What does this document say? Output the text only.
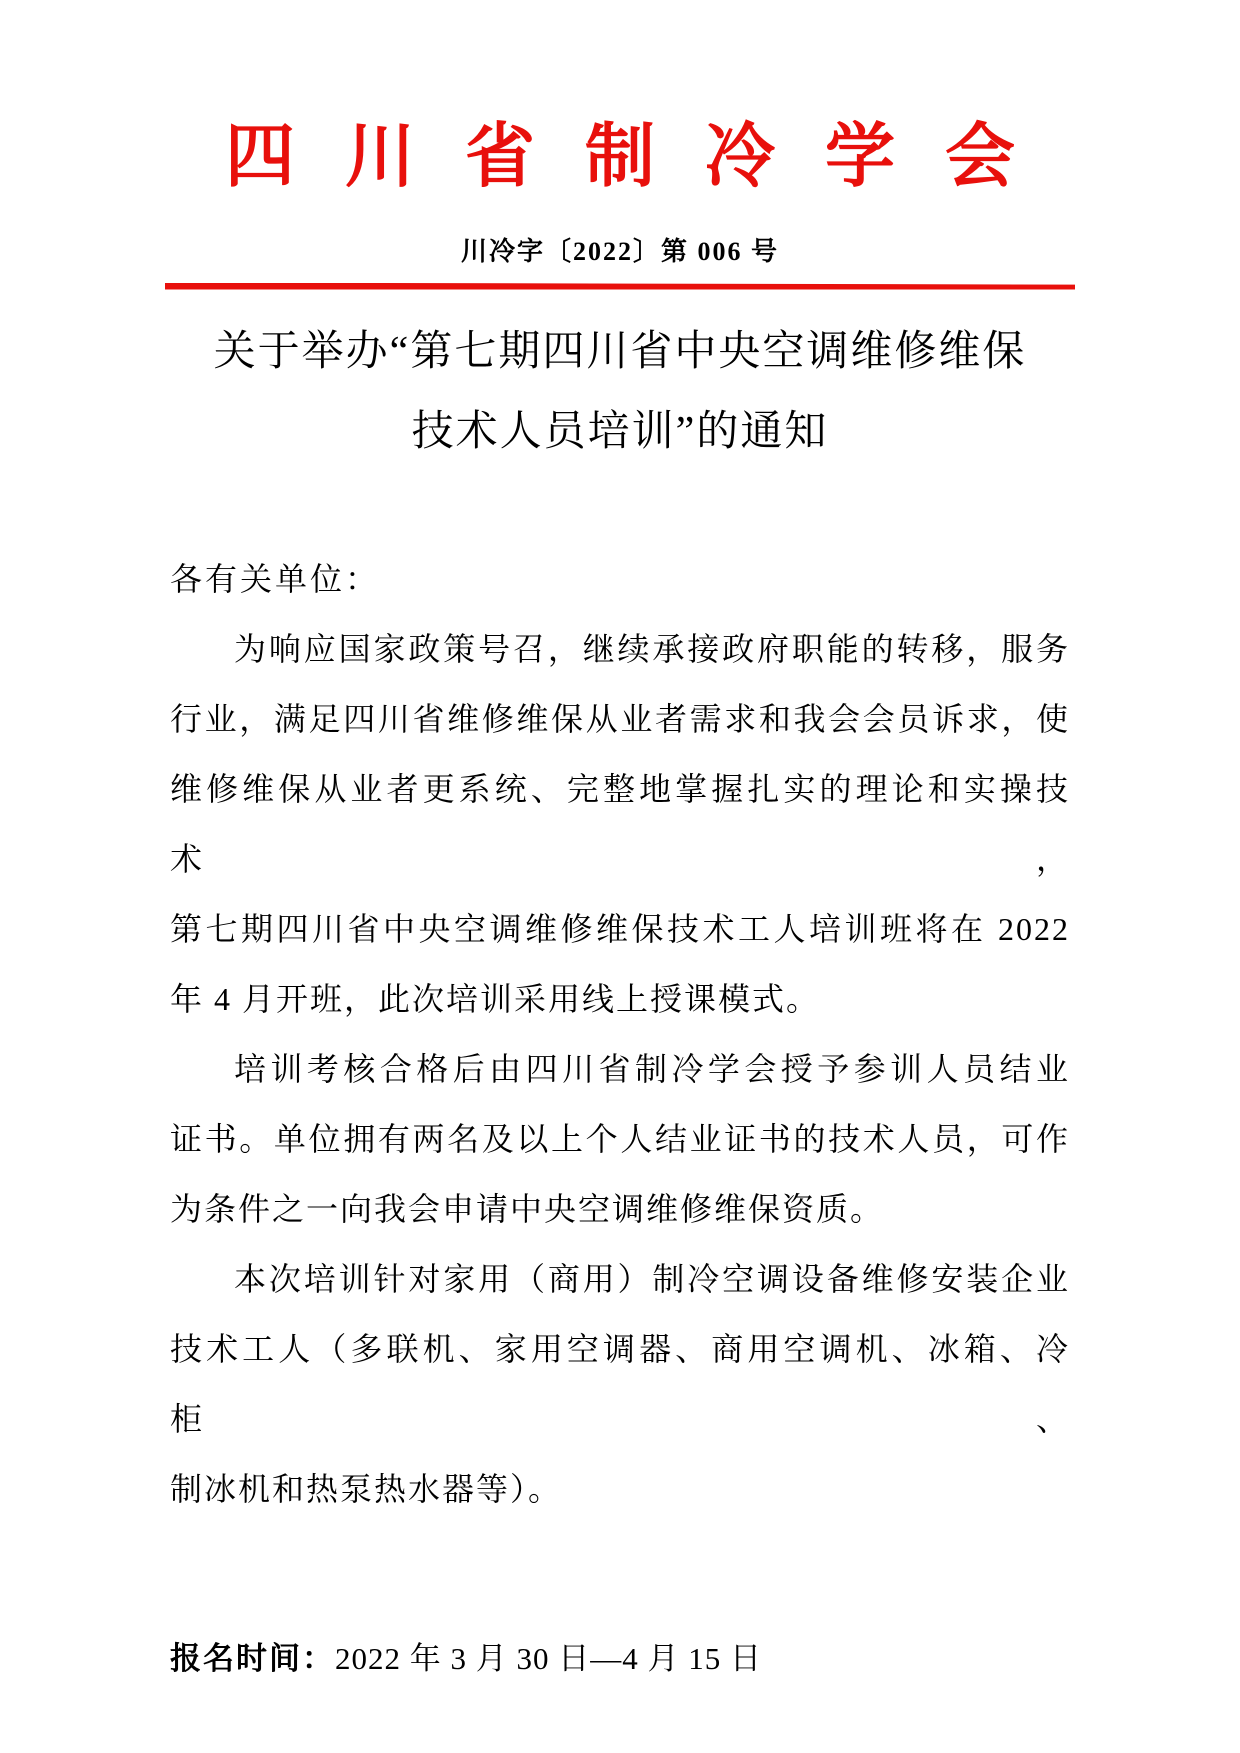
四川省制冷学会
川冷字〔2022〕第 006 号
关于举办“第七期四川省中央空调维修维保
技术人员培训”的通知
各有关单位：
为响应国家政策号召，继续承接政府职能的转移，服务
行业，满足四川省维修维保从业者需求和我会会员诉求，使
维修维保从业者更系统、完整地掌握扎实的理论和实操技术，
第七期四川省中央空调维修维保技术工人培训班将在 2022
年 4 月开班，此次培训采用线上授课模式。
培训考核合格后由四川省制冷学会授予参训人员结业
证书。单位拥有两名及以上个人结业证书的技术人员，可作
为条件之一向我会申请中央空调维修维保资质。
本次培训针对家用（商用）制冷空调设备维修安装企业
技术工人（多联机、家用空调器、商用空调机、冰箱、冷柜、
制冰机和热泵热水器等）。
报名时间：2022 年 3 月 30 日—4 月 15 日
